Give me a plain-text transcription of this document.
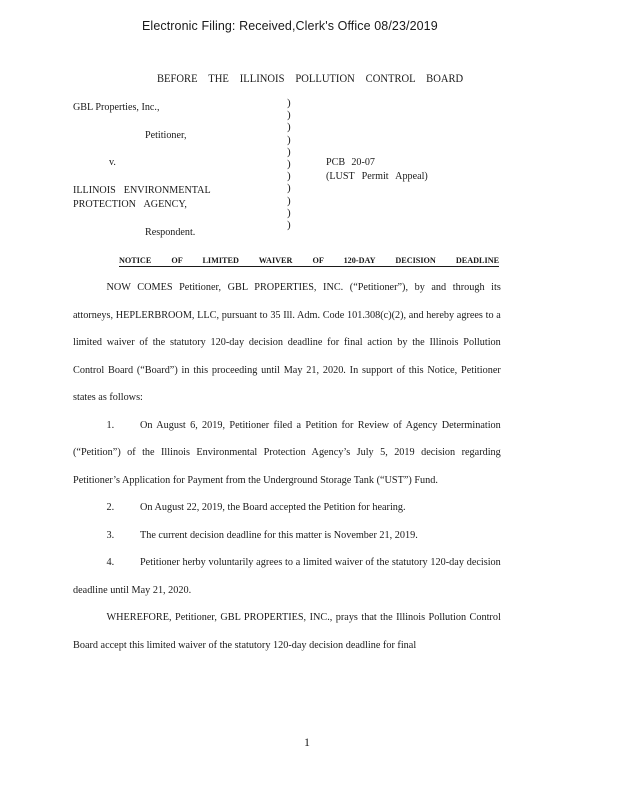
Electronic Filing: Received,Clerk's Office 08/23/2019
BEFORE THE ILLINOIS POLLUTION CONTROL BOARD
GBL Properties, Inc.,
Petitioner,
v.
ILLINOIS ENVIRONMENTAL
PROTECTION AGENCY,
Respondent.
)
)
)
)
)
)
)
)
)
)
)
PCB 20-07
(LUST Permit Appeal)
NOTICE OF LIMITED WAIVER OF 120-DAY DECISION DEADLINE

NOW COMES Petitioner, GBL PROPERTIES, INC. (“Petitioner”), by and through its attorneys, HEPLERBROOM, LLC, pursuant to 35 Ill. Adm. Code 101.308(c)(2), and hereby agrees to a limited waiver of the statutory 120-day decision deadline for final action by the Illinois Pollution Control Board (“Board”) in this proceeding until May 21, 2020. In support of this Notice, Petitioner states as follows:

1. On August 6, 2019, Petitioner filed a Petition for Review of Agency Determination (“Petition”) of the Illinois Environmental Protection Agency’s July 5, 2019 decision regarding Petitioner’s Application for Payment from the Underground Storage Tank (“UST”) Fund.

2. On August 22, 2019, the Board accepted the Petition for hearing.

3. The current decision deadline for this matter is November 21, 2019.

4. Petitioner herby voluntarily agrees to a limited waiver of the statutory 120-day decision deadline until May 21, 2020.

WHEREFORE, Petitioner, GBL PROPERTIES, INC., prays that the Illinois Pollution Control Board accept this limited waiver of the statutory 120-day decision deadline for final

1
